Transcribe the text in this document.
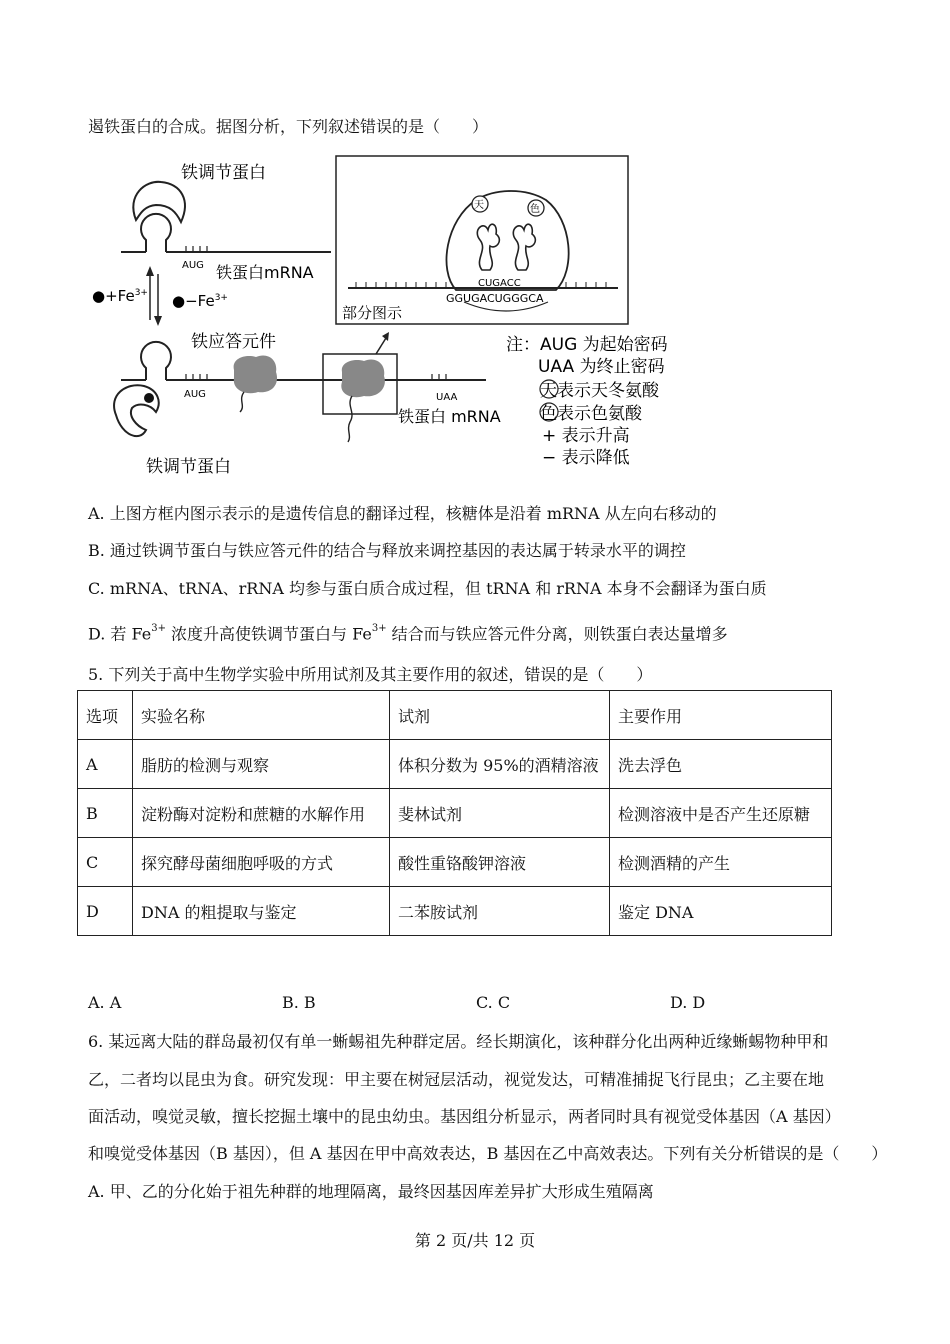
遏铁蛋白的合成。据图分析，下列叙述错误的是（　　）
铁调节蛋白
AUG 铁蛋白mRNA
$●+Fe^{3+}$ $●-Fe^{3+}$
铁应答元件
AUG	UAA
铁蛋白 mRNA
铁调节蛋白
天	色
CUGACC
GGUGACUGGGCA
部分图示
注：AUG 为起始密码
UAA 为终止密码
天表示天冬氨酸
色表示色氨酸
+ 表示升高
− 表示降低
A. 上图方框内图示表示的是遗传信息的翻译过程，核糖体是沿着 mRNA 从左向右移动的
B. 通过铁调节蛋白与铁应答元件的结合与释放来调控基因的表达属于转录水平的调控
C. mRNA、tRNA、rRNA 均参与蛋白质合成过程，但 tRNA 和 rRNA 本身不会翻译为蛋白质
D. 若 $Fe^{3+}$ 浓度升高使铁调节蛋白与 $Fe^{3+}$ 结合而与铁应答元件分离，则铁蛋白表达量增多
5. 下列关于高中生物学实验中所用试剂及其主要作用的叙述，错误的是（　　）
选项	实验名称	试剂	主要作用
A	脂肪的检测与观察	体积分数为 95%的酒精溶液	洗去浮色
B	淀粉酶对淀粉和蔗糖的水解作用	斐林试剂	检测溶液中是否产生还原糖
C	探究酵母菌细胞呼吸的方式	酸性重铬酸钾溶液	检测酒精的产生
D	DNA 的粗提取与鉴定	二苯胺试剂	鉴定 DNA
A. A	B. B	C. C	D. D
6. 某远离大陆的群岛最初仅有单一蜥蜴祖先种群定居。经长期演化，该种群分化出两种近缘蜥蜴物种甲和
乙，二者均以昆虫为食。研究发现：甲主要在树冠层活动，视觉发达，可精准捕捉飞行昆虫；乙主要在地
面活动，嗅觉灵敏，擅长挖掘土壤中的昆虫幼虫。基因组分析显示，两者同时具有视觉受体基因（A 基因）
和嗅觉受体基因（B 基因），但 A 基因在甲中高效表达，B 基因在乙中高效表达。下列有关分析错误的是（　　）
A. 甲、乙的分化始于祖先种群的地理隔离，最终因基因库差异扩大形成生殖隔离
第 2 页/共 12 页
